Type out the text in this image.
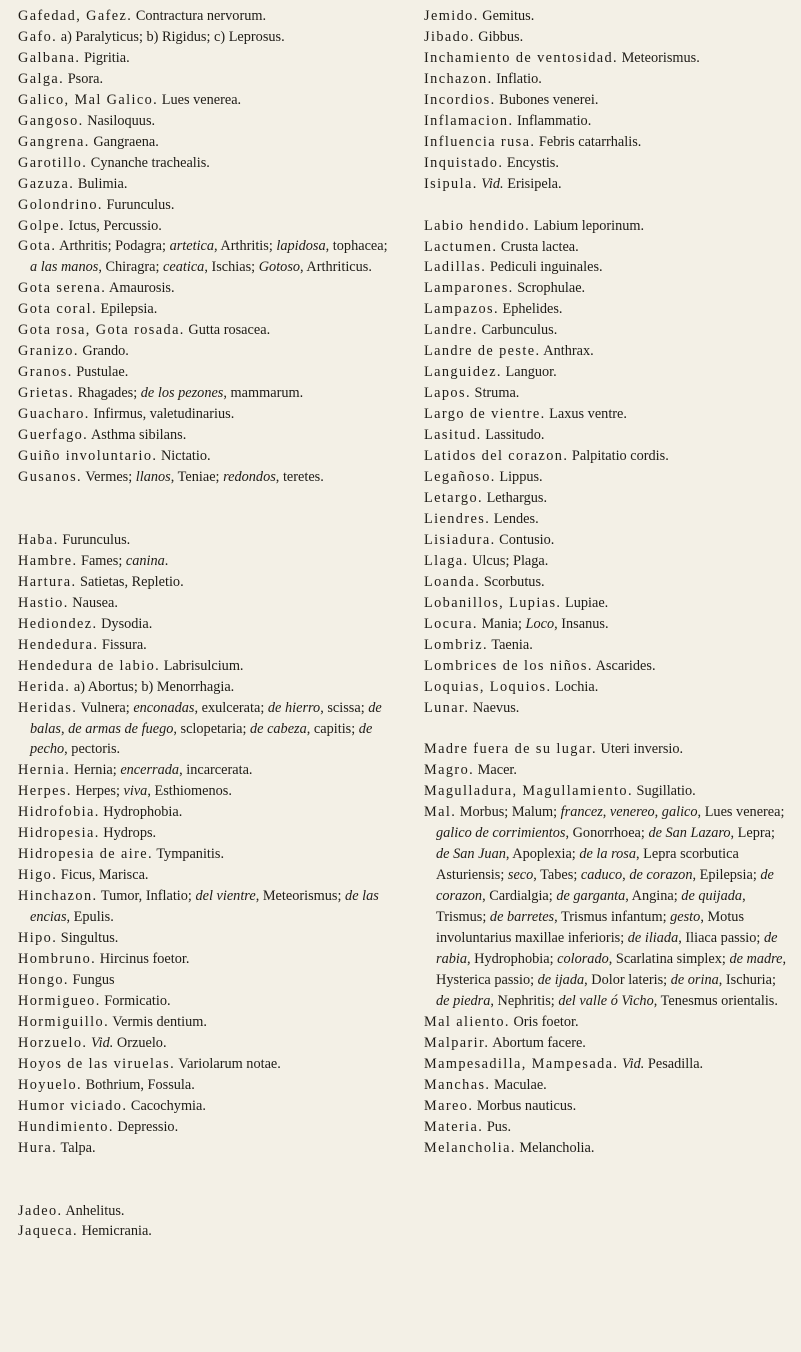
Gafedad, Gafez. Contractura nervorum.

Gafo. a) Paralyticus; b) Rigidus; c) Leprosus.

Galbana. Pigritia.

Galga. Psora.

Galico, Mal Galico. Lues venerea.

Gangoso. Nasiloquus.

Gangrena. Gangraena.

Garotillo. Cynanche trachealis.

Gazuza. Bulimia.

Golondrino. Furunculus.

Golpe. Ictus, Percussio.

Gota. Arthritis; Podagra; artetica, Arthritis; lapidosa, tophacea; a las manos, Chiragra; ceatica, Ischias; Gotoso, Arthriticus.

Gota serena. Amaurosis.

Gota coral. Epilepsia.

Gota rosa, Gota rosada. Gutta rosacea.

Granizo. Grando.

Granos. Pustulae.

Grietas. Rhagades; de los pezones, mammarum.

Guacharo. Infirmus, valetudinarius.

Guerfago. Asthma sibilans.

Guiño involuntario. Nictatio.

Gusanos. Vermes; llanos, Teniae; redondos, teretes.

Haba. Furunculus.

Hambre. Fames; canina.

Hartura. Satietas, Repletio.

Hastio. Nausea.

Hediondez. Dysodia.

Hendedura. Fissura.

Hendedura de labio. Labrisulcium.

Herida. a) Abortus; b) Menorrhagia.

Heridas. Vulnera; enconadas, exulcerata; de hierro, scissa; de balas, de armas de fuego, sclopetaria; de cabeza, capitis; de pecho, pectoris.

Hernia. Hernia; encerrada, incarcerata.

Herpes. Herpes; viva, Esthiomenos.

Hidrofobia. Hydrophobia.

Hidropesia. Hydrops.

Hidropesia de aire. Tympanitis.

Higo. Ficus, Marisca.

Hinchazon. Tumor, Inflatio; del vientre, Meteorismus; de las encias, Epulis.

Hipo. Singultus.

Hombruno. Hircinus foetor.

Hongo. Fungus

Hormigueo. Formicatio.

Hormiguillo. Vermis dentium.

Horzuelo. Vid. Orzuelo.

Hoyos de las viruelas. Variolarum notae.

Hoyuelo. Bothrium, Fossula.

Humor viciado. Cacochymia.

Hundimiento. Depressio.

Hura. Talpa.

Jadeo. Anhelitus.

Jaqueca. Hemicrania.

Jemido. Gemitus.

Jibado. Gibbus.

Inchamiento de ventosidad. Meteorismus.

Inchazon. Inflatio.

Incordios. Bubones venerei.

Inflamacion. Inflammatio.

Influencia rusa. Febris catarrhalis.

Inquistado. Encystis.

Isipula. Vid. Erisipela.

Labio hendido. Labium leporinum.

Lactumen. Crusta lactea.

Ladillas. Pediculi inguinales.

Lamparones. Scrophulae.

Lampazos. Ephelides.

Landre. Carbunculus.

Landre de peste. Anthrax.

Languidez. Languor.

Lapos. Struma.

Largo de vientre. Laxus ventre.

Lasitud. Lassitudo.

Latidos del corazon. Palpitatio cordis.

Legañoso. Lippus.

Letargo. Lethargus.

Liendres. Lendes.

Lisiadura. Contusio.

Llaga. Ulcus; Plaga.

Loanda. Scorbutus.

Lobanillos, Lupias. Lupiae.

Locura. Mania; Loco, Insanus.

Lombriz. Taenia.

Lombrices de los niños. Ascarides.

Loquias, Loquios. Lochia.

Lunar. Naevus.

Madre fuera de su lugar. Uteri inversio.

Magro. Macer.

Magulladura, Magullamiento. Sugillatio.

Mal. Morbus; Malum; francez, venereo, galico, Lues venerea; galico de corrimientos, Gonorrhoea; de San Lazaro, Lepra; de San Juan, Apoplexia; de la rosa, Lepra scorbutica Asturiensis; seco, Tabes; caduco, de corazon, Epilepsia; de corazon, Cardialgia; de garganta, Angina; de quijada, Trismus; de barretes, Trismus infantum; gesto, Motus involuntarius maxillae inferioris; de iliada, Iliaca passio; de rabia, Hydrophobia; colorado, Scarlatina simplex; de madre, Hysterica passio; de ijada, Dolor lateris; de orina, Ischuria; de piedra, Nephritis; del valle ó Vicho, Tenesmus orientalis.

Mal aliento. Oris foetor.

Malparir. Abortum facere.

Mampesadilla, Mampesada. Vid. Pesadilla.

Manchas. Maculae.

Mareo. Morbus nauticus.

Materia. Pus.

Melancholia. Melancholia.
